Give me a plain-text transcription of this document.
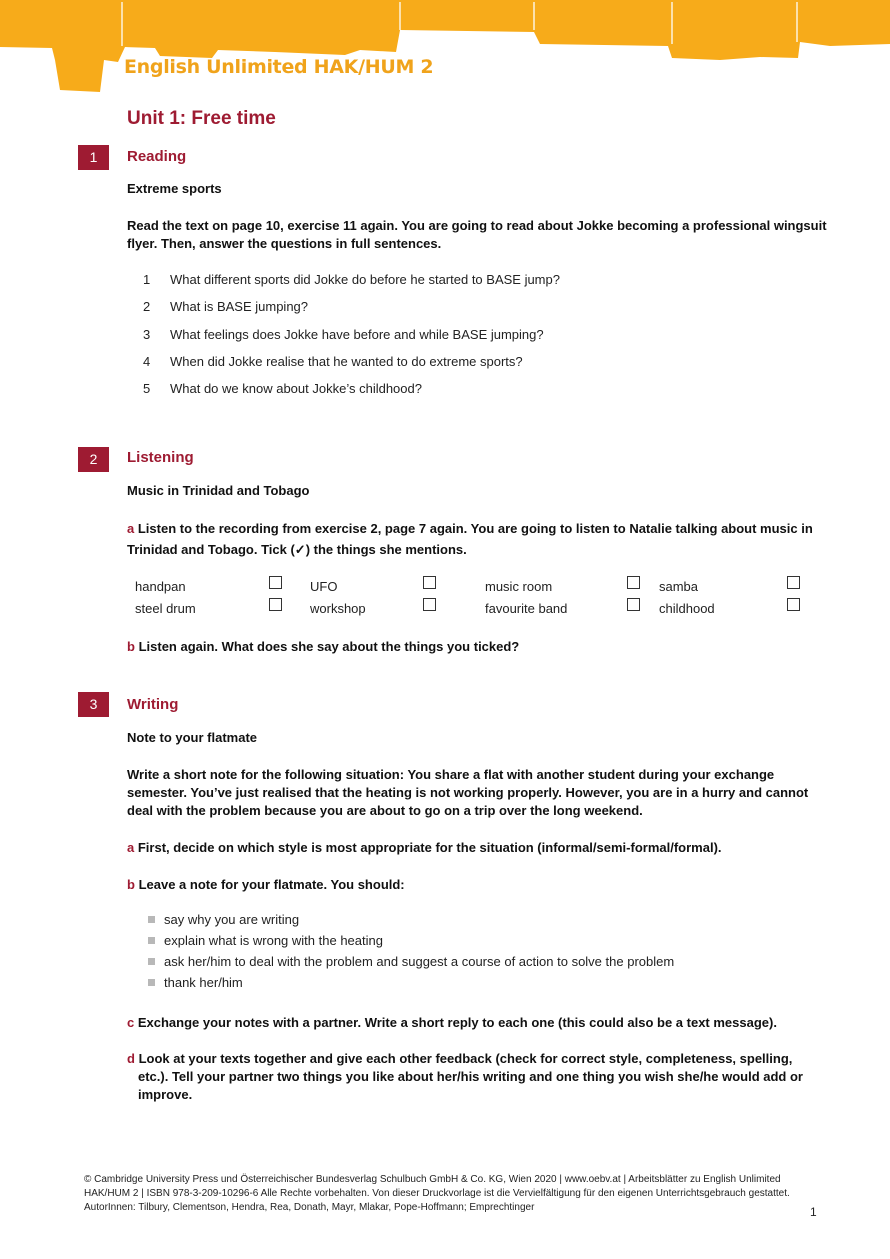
English Unlimited HAK/HUM 2
Unit 1: Free time
1	Reading
Extreme sports
Read the text on page 10, exercise 11 again. You are going to read about Jokke becoming a professional wingsuit flyer. Then, answer the questions in full sentences.
1 What different sports did Jokke do before he started to BASE jump?
2 What is BASE jumping?
3 What feelings does Jokke have before and while BASE jumping?
4 When did Jokke realise that he wanted to do extreme sports?
5 What do we know about Jokke’s childhood?
2	Listening
Music in Trinidad and Tobago
a Listen to the recording from exercise 2, page 7 again. You are going to listen to Natalie talking about music in Trinidad and Tobago. Tick (✓) the things she mentions.
handpan	UFO	music room	samba
steel drum	workshop	favourite band	childhood
b Listen again. What does she say about the things you ticked?
3	Writing
Note to your flatmate
Write a short note for the following situation: You share a flat with another student during your exchange semester. You’ve just realised that the heating is not working properly. However, you are in a hurry and cannot deal with the problem because you are about to go on a trip over the long weekend.
a First, decide on which style is most appropriate for the situation (informal/semi-formal/formal).
b Leave a note for your flatmate. You should:
say why you are writing
explain what is wrong with the heating
ask her/him to deal with the problem and suggest a course of action to solve the problem
thank her/him
c Exchange your notes with a partner. Write a short reply to each one (this could also be a text message).
d Look at your texts together and give each other feedback (check for correct style, completeness, spelling, etc.). Tell your partner two things you like about her/his writing and one thing you wish she/he would add or improve.
© Cambridge University Press und Österreichischer Bundesverlag Schulbuch GmbH & Co. KG, Wien 2020 | www.oebv.at | Arbeitsblätter zu English Unlimited HAK/HUM 2 | ISBN 978-3-209-10296-6 Alle Rechte vorbehalten. Von dieser Druckvorlage ist die Vervielfältigung für den eigenen Unterrichtsgebrauch gestattet.
AutorInnen: Tilbury, Clementson, Hendra, Rea, Donath, Mayr, Mlakar, Pope-Hoffmann; Emprechtinger	1
